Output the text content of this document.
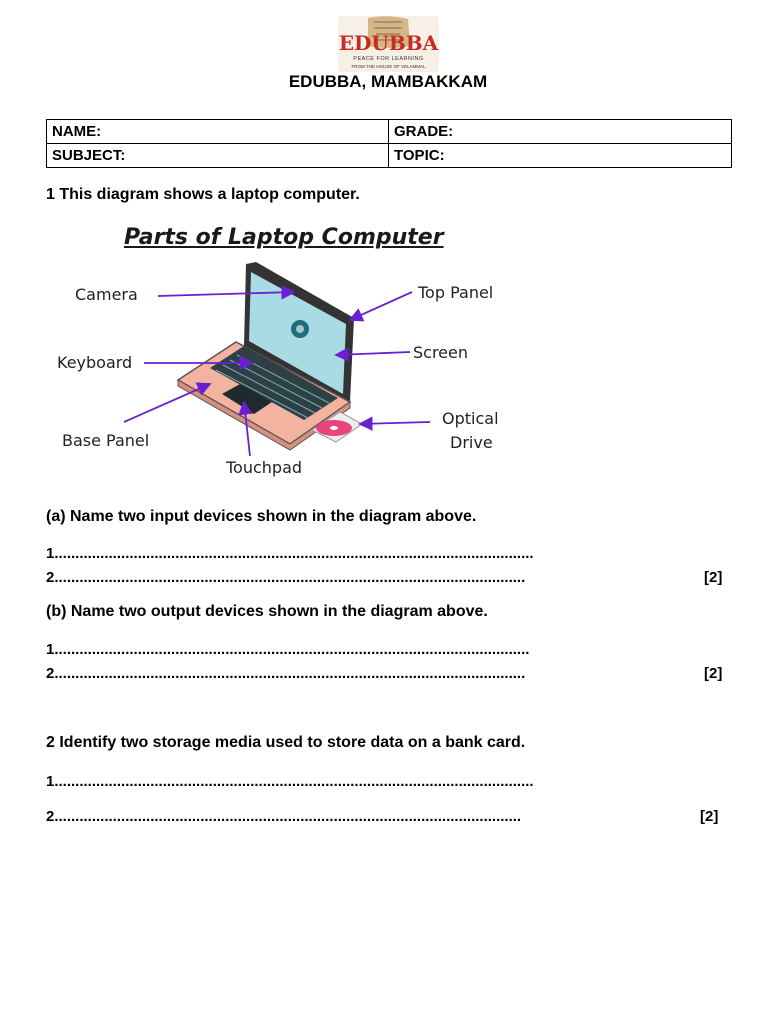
EDUBBA
PEACE FOR LEARNING
FROM THE HOUSE OF VELAMMAL
EDUBBA, MAMBAKKAM
NAME:	GRADE:
SUBJECT:	TOPIC:
1 This diagram shows a laptop computer.
Parts of Laptop Computer
Camera	Top Panel
Keyboard
Screen
Base Panel
Optical
Drive
Touchpad
(a) Name two input devices shown in the diagram above.
1...................................................................................................................
2.................................................................................................................	[2]
(b) Name two output devices shown in the diagram above.
1..................................................................................................................
2.................................................................................................................	[2]
2 Identify two storage media used to store data on a bank card.
1...................................................................................................................
2................................................................................................................	[2]
